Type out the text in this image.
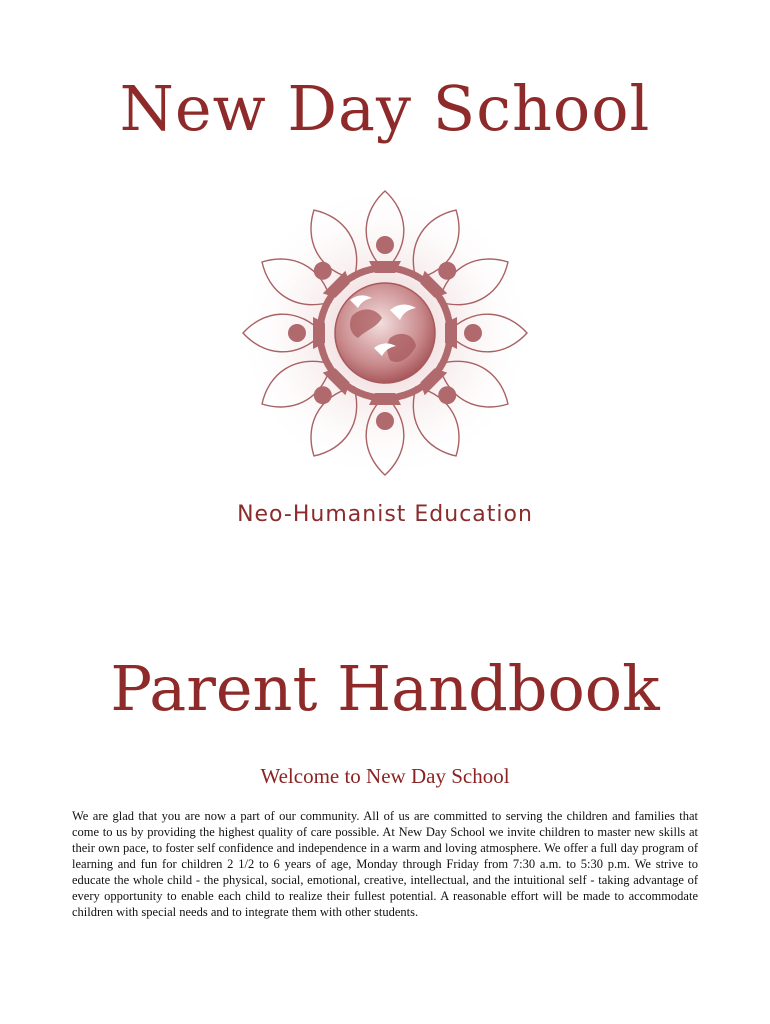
New Day School
Neo-Humanist Education
Parent Handbook
Welcome to New Day School

We are glad that you are now a part of our community. All of us are committed to serving the children and families that come to us by providing the highest quality of care possible. At New Day School we invite children to master new skills at their own pace, to foster self confidence and independence in a warm and loving atmosphere. We offer a full day program of learning and fun for children 2 1/2 to 6 years of age, Monday through Friday from 7:30 a.m. to 5:30 p.m. We strive to educate the whole child - the physical, social, emotional, creative, intellectual, and the intuitional self - taking advantage of every opportunity to enable each child to realize their fullest potential. A reasonable effort will be made to accommodate children with special needs and to integrate them with other students.
